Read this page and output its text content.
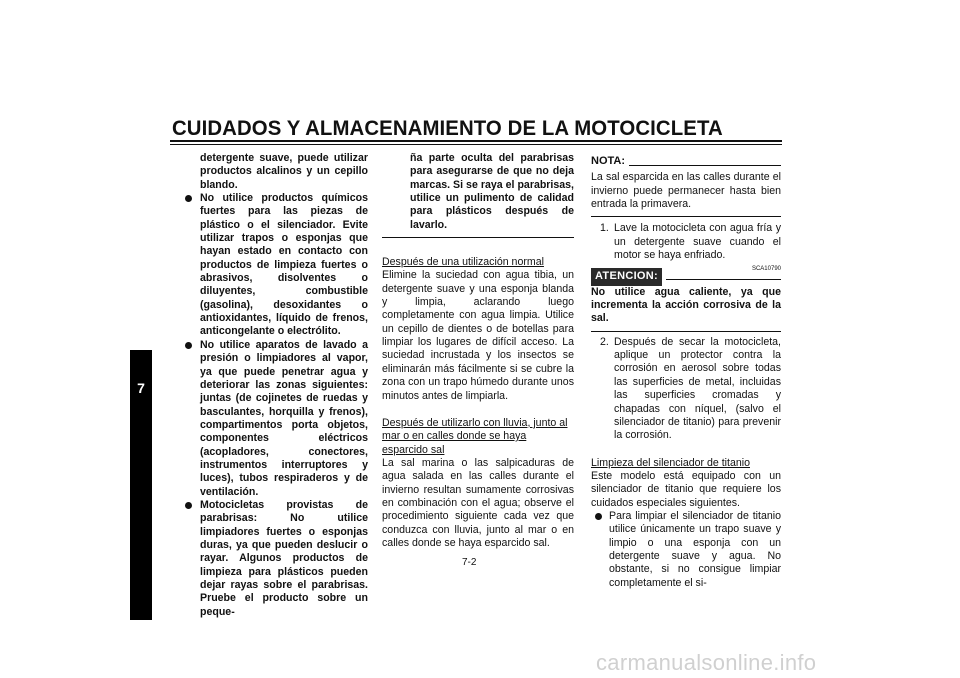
CUIDADOS Y ALMACENAMIENTO DE LA MOTOCICLETA
7
detergente suave, puede utilizar productos alcalinos y un cepillo blando.
No utilice productos químicos fuertes para las piezas de plástico o el silenciador. Evite utilizar trapos o esponjas que hayan estado en contacto con productos de limpieza fuertes o abrasivos, disolventes o diluyentes, combustible (gasolina), desoxidantes o antioxidantes, líquido de frenos, anticongelante o electrólito.
No utilice aparatos de lavado a presión o limpiadores al vapor, ya que puede penetrar agua y deteriorar las zonas siguientes: juntas (de cojinetes de ruedas y basculantes, horquilla y frenos), compartimentos porta objetos, componentes eléctricos (acopladores, conectores, instrumentos interruptores y luces), tubos respiraderos y de ventilación.
Motocicletas provistas de parabrisas: No utilice limpiadores fuertes o esponjas duras, ya que pueden deslucir o rayar. Algunos productos de limpieza para plásticos pueden dejar rayas sobre el parabrisas. Pruebe el producto sobre un peque-
ña parte oculta del parabrisas para asegurarse de que no deja marcas. Si se raya el parabrisas, utilice un pulimento de calidad para plásticos después de lavarlo.
Después de una utilización normal
Elimine la suciedad con agua tibia, un detergente suave y una esponja blanda y limpia, aclarando luego completamente con agua limpia. Utilice un cepillo de dientes o de botellas para limpiar los lugares de difícil acceso. La suciedad incrustada y los insectos se eliminarán más fácilmente si se cubre la zona con un trapo húmedo durante unos minutos antes de limpiarla.
Después de utilizarlo con lluvia, junto al mar o en calles donde se haya esparcido sal
La sal marina o las salpicaduras de agua salada en las calles durante el invierno resultan sumamente corrosivas en combinación con el agua; observe el procedimiento siguiente cada vez que conduzca con lluvia, junto al mar o en calles donde se haya esparcido sal.
NOTA:
La sal esparcida en las calles durante el invierno puede permanecer hasta bien entrada la primavera.
1. Lave la motocicleta con agua fría y un detergente suave cuando el motor se haya enfriado.
ATENCION:
SCA10790
No utilice agua caliente, ya que incrementa la acción corrosiva de la sal.
2. Después de secar la motocicleta, aplique un protector contra la corrosión en aerosol sobre todas las superficies de metal, incluidas las superficies cromadas y chapadas con níquel, (salvo el silenciador de titanio) para prevenir la corrosión.
Limpieza del silenciador de titanio
Este modelo está equipado con un silenciador de titanio que requiere los cuidados especiales siguientes.
Para limpiar el silenciador de titanio utilice únicamente un trapo suave y limpio o una esponja con un detergente suave y agua. No obstante, si no consigue limpiar completamente el si-
7-2
carmanualsonline.info
